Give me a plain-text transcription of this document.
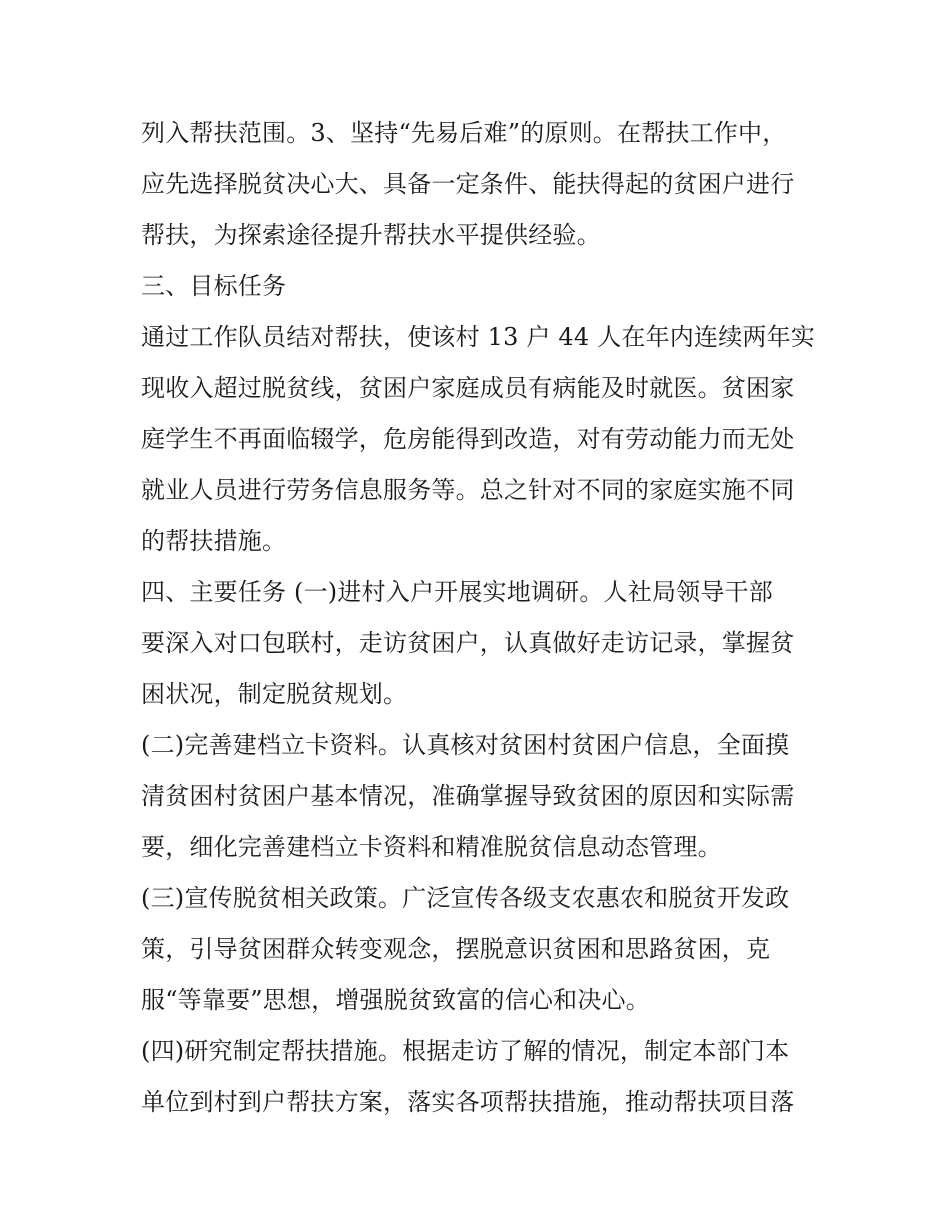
列入帮扶范围。3、坚持“先易后难”的原则。在帮扶工作中，
应先选择脱贫决心大、具备一定条件、能扶得起的贫困户进行
帮扶，为探索途径提升帮扶水平提供经验。
三、目标任务
通过工作队员结对帮扶，使该村 13 户 44 人在年内连续两年实
现收入超过脱贫线，贫困户家庭成员有病能及时就医。贫困家
庭学生不再面临辍学，危房能得到改造，对有劳动能力而无处
就业人员进行劳务信息服务等。总之针对不同的家庭实施不同
的帮扶措施。
四、主要任务 (一)进村入户开展实地调研。人社局领导干部
要深入对口包联村，走访贫困户，认真做好走访记录，掌握贫
困状况，制定脱贫规划。
(二)完善建档立卡资料。认真核对贫困村贫困户信息，全面摸
清贫困村贫困户基本情况，准确掌握导致贫困的原因和实际需
要，细化完善建档立卡资料和精准脱贫信息动态管理。
(三)宣传脱贫相关政策。广泛宣传各级支农惠农和脱贫开发政
策，引导贫困群众转变观念，摆脱意识贫困和思路贫困，克
服“等靠要”思想，增强脱贫致富的信心和决心。
(四)研究制定帮扶措施。根据走访了解的情况，制定本部门本
单位到村到户帮扶方案，落实各项帮扶措施，推动帮扶项目落
